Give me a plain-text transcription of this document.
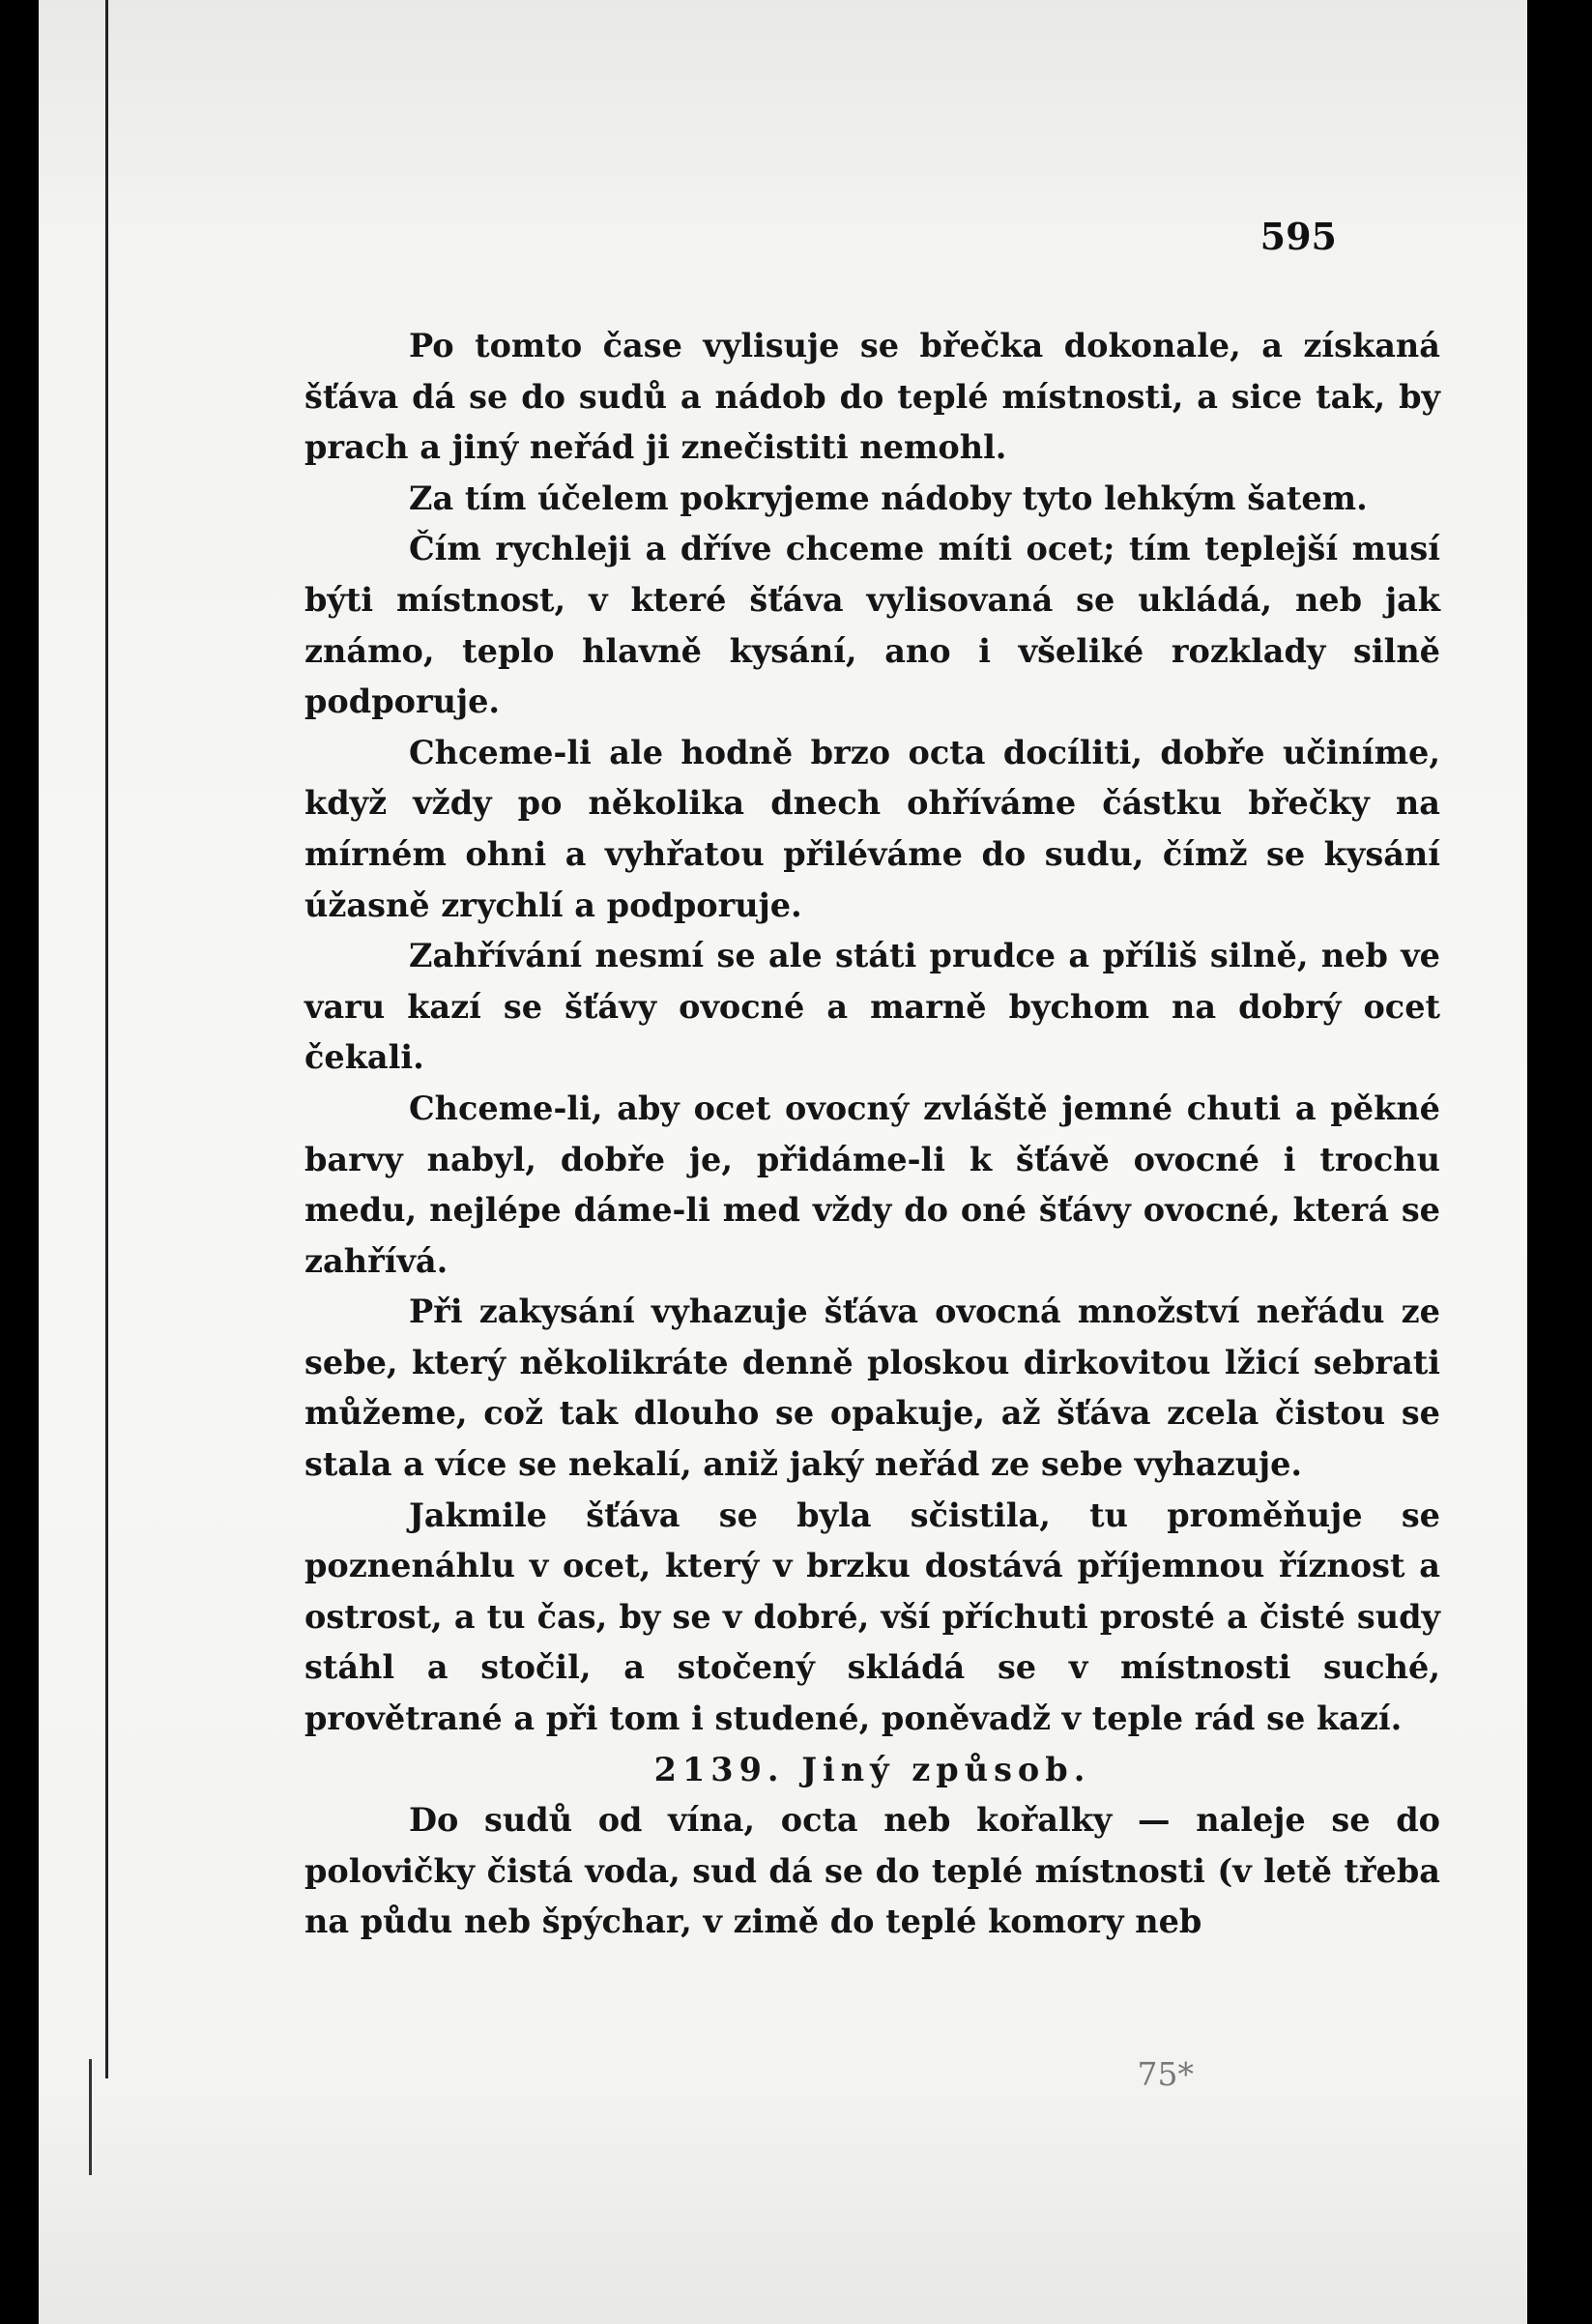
595

Po tomto čase vylisuje se břečka dokonale, a získaná šťáva dá se do sudů a nádob do teplé místnosti, a sice tak, by prach a jiný neřád ji znečistiti nemohl.

Za tím účelem pokryjeme nádoby tyto lehkým šatem.

Čím rychleji a dříve chceme míti ocet; tím teplejší musí býti místnost, v které šťáva vylisovaná se ukládá, neb jak známo, teplo hlavně kysání, ano i všeliké rozklady silně podporuje.

Chceme-li ale hodně brzo octa docíliti, dobře učiníme, když vždy po několika dnech ohříváme částku břečky na mírném ohni a vyhřatou přiléváme do sudu, čímž se kysání úžasně zrychlí a podporuje.

Zahřívání nesmí se ale státi prudce a příliš silně, neb ve varu kazí se šťávy ovocné a marně bychom na dobrý ocet čekali.

Chceme-li, aby ocet ovocný zvláště jemné chuti a pěkné barvy nabyl, dobře je, přidáme-li k šťávě ovocné i trochu medu, nejlépe dáme-li med vždy do oné šťávy ovocné, která se zahřívá.

Při zakysání vyhazuje šťáva ovocná množství neřádu ze sebe, který několikráte denně ploskou dirkovitou lžicí sebrati můžeme, což tak dlouho se opakuje, až šťáva zcela čistou se stala a více se nekalí, aniž jaký neřád ze sebe vyhazuje.

Jakmile šťáva se byla sčistila, tu proměňuje se poznenáhlu v ocet, který v brzku dostává příjemnou říznost a ostrost, a tu čas, by se v dobré, vší příchuti prosté a čisté sudy stáhl a stočil, a stočený skládá se v místnosti suché, provětrané a při tom i studené, poněvadž v teple rád se kazí.

2139. Jiný způsob.

Do sudů od vína, octa neb kořalky — naleje se do polovičky čistá voda, sud dá se do teplé místnosti (v letě třeba na půdu neb špýchar, v zimě do teplé komory neb

75*
